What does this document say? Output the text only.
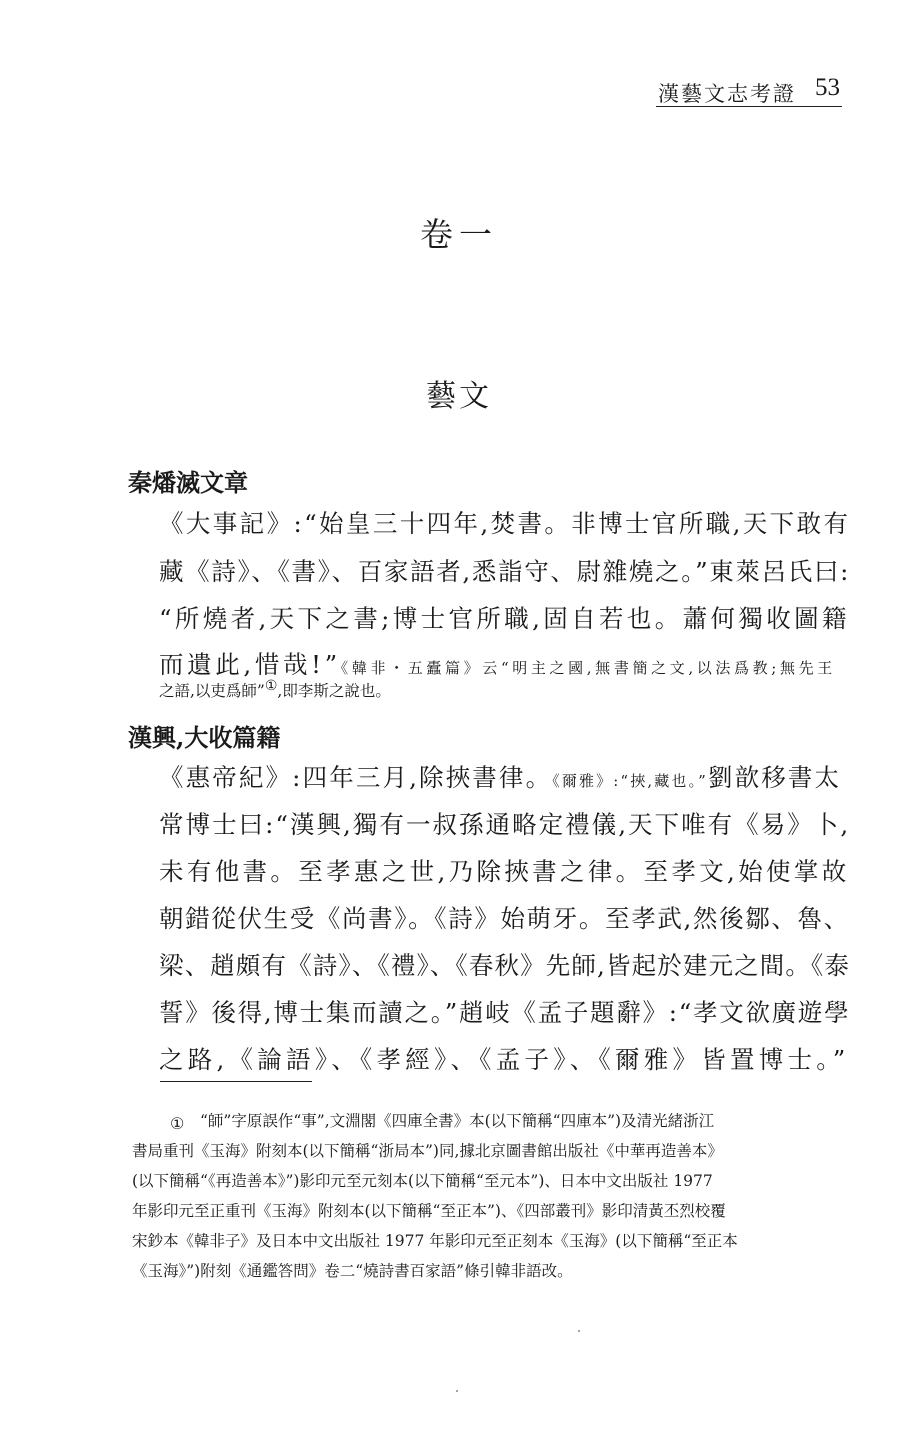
漢藝文志考證 53
卷一
藝文
秦燔滅文章
《大事記》:“始皇三十四年,焚書。非博士官所職,天下敢有
藏《詩》、《書》、百家語者,悉詣守、尉雜燒之。”東萊呂氏曰:
“所燒者,天下之書;博士官所職,固自若也。蕭何獨收圖籍
而遺此,惜哉!”《韓非・五蠹篇》云“明主之國,無書簡之文,以法爲教;無先王
之語,以吏爲師”①,即李斯之說也。
漢興,大收篇籍
《惠帝紀》:四年三月,除挾書律。《爾雅》:“挾,藏也。”劉歆移書太
常博士曰:“漢興,獨有一叔孫通略定禮儀,天下唯有《易》卜,
未有他書。至孝惠之世,乃除挾書之律。至孝文,始使掌故
朝錯從伏生受《尚書》。《詩》始萌牙。至孝武,然後鄒、魯、
梁、趙頗有《詩》、《禮》、《春秋》先師,皆起於建元之間。《泰
誓》後得,博士集而讀之。”趙岐《孟子題辭》:“孝文欲廣遊學
之路,《論語》、《孝經》、《孟子》、《爾雅》皆置博士。”
① “師”字原誤作“事”,文淵閣《四庫全書》本(以下簡稱“四庫本”)及清光緒浙江
書局重刊《玉海》附刻本(以下簡稱“浙局本”)同,據北京圖書館出版社《中華再造善本》
(以下簡稱“《再造善本》”)影印元至元刻本(以下簡稱“至元本”)、日本中文出版社 1977
年影印元至正重刊《玉海》附刻本(以下簡稱“至正本”)、《四部叢刊》影印清黃丕烈校覆
宋鈔本《韓非子》及日本中文出版社 1977 年影印元至正刻本《玉海》(以下簡稱“至正本
《玉海》”)附刻《通鑑答問》卷二“燒詩書百家語”條引韓非語改。
